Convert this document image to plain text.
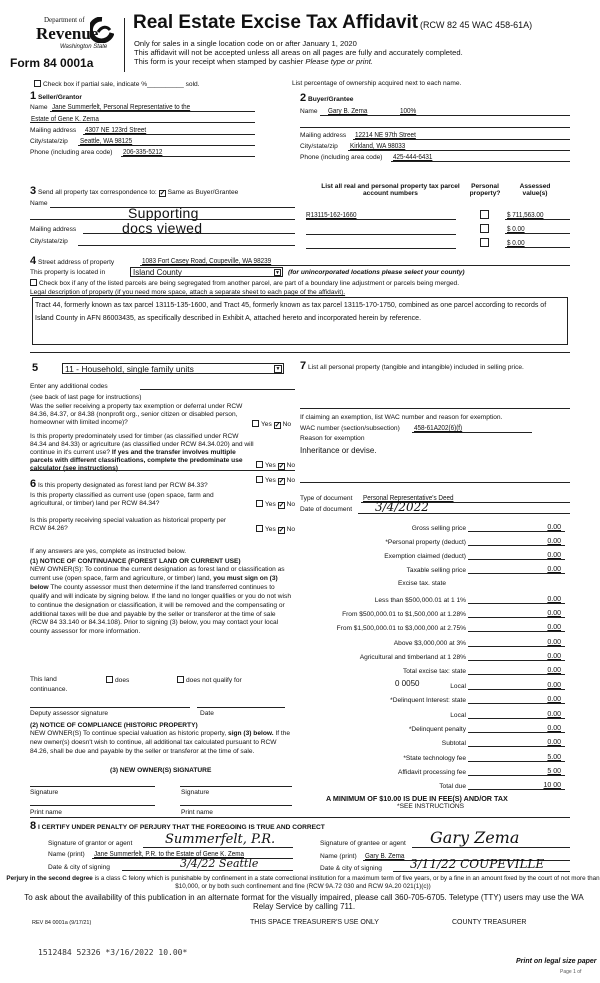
Department of
Revenue
Washington State
Form 84 0001a
Real Estate Excise Tax Affidavit (RCW 82 45 WAC 458-61A)
Only for sales in a single location code on or after January 1, 2020
This affidavit will not be accepted unless all areas on all pages are fully and accurately completed.
This form is your receipt when stamped by cashier Please type or print.
Check box if partial sale, indicate %__________ sold.	List percentage of ownership acquired next to each name.
1 Seller/Grantor
Name Jane Summerfelt, Personal Representative to the
Estate of Gene K. Zema
Mailing address 4307 NE 123rd Street
City/state/zip Seattle, WA 98125
Phone (including area code) 206-335-5212
2 Buyer/Grantee
Name Gary B. Zema	100%
Mailing address 12214 NE 97th Street
City/state/zip Kirkland, WA 98033
Phone (including area code) 425-444-6431
3 Send all property tax correspondence to: ✓ Same as Buyer/Grantee
Name
Supporting
Mailing address	docs viewed
City/state/zip
List all real and personal property tax parcel account numbers
Personal property?
Assessed value(s)
R13115-162-1660	$ 711,563.00
$ 0.00
$ 0.00
4 Street address of property	1083 Fort Casey Road, Coupeville, WA 98239
This property is located in	Island County	▼ (for unincorporated locations please select your county)
Check box if any of the listed parcels are being segregated from another parcel, are part of a boundary line adjustment or parcels being merged.
Legal description of property (if you need more space, attach a separate sheet to each page of the affidavit).
Tract 44, formerly known as tax parcel 13115-135-1600, and Tract 45, formerly known as tax parcel 13115-170-1750, combined as one parcel according to records of Island County in AFN 86003435, as specifically described in Exhibit A, attached hereto and incorporated herein by reference.
5	11 - Household, single family units	▼
Enter any additional codes
(see back of last page for instructions)
Was the seller receiving a property tax exemption or deferral under RCW 84.36, 84.37, or 84.38 (nonprofit org., senior citizen or disabled person, homeowner with limited income)?	Yes ✓ No
Is this property predominately used for timber (as classified under RCW 84.34 and 84.33) or agriculture (as classified under RCW 84.34.020) and will continue in it's current use? If yes and the transfer involves multiple parcels with different classifications, complete the predominate use calculator (see instructions)	Yes ✓ No
6 Is this property designated as forest land per RCW 84.33?
Yes ✓ No
Is this property classified as current use (open space, farm and agricultural, or timber) land per RCW 84.34?	Yes ✓ No
Is this property receiving special valuation as historical property per RCW 84.26?	Yes ✓ No
If any answers are yes, complete as instructed below.
(1) NOTICE OF CONTINUANCE (FOREST LAND OR CURRENT USE)
NEW OWNER(S): To continue the current designation as forest land or classification as current use (open space, farm and agriculture, or timber) land, you must sign on (3) below The county assessor must then determine if the land transferred continues to qualify and will indicate by signing below. If the land no longer qualifies or you do not wish to continue the designation or classification, it will be removed and the compensating or additional taxes will be due and payable by the seller or transferor at the time of sale (RCW 84 33.140 or 84.34.108). Prior to signing (3) below, you may contact your local county assessor for more information.
This land	does	does not qualify for
continuance.
Deputy assessor signature	Date
(2) NOTICE OF COMPLIANCE (HISTORIC PROPERTY)
NEW OWNER(S) To continue special valuation as historic property, sign (3) below. If the new owner(s) doesn't wish to continue, all additional tax calculated pursuant to RCW 84.26, shall be due and payable by the seller or transferor at the time of sale.
(3) NEW OWNER(S) SIGNATURE
Signature	Signature
Print name	Print name
7 List all personal property (tangible and intangible) included in selling price.
If claiming an exemption, list WAC number and reason for exemption.
WAC number (section/subsection) 458-61A202(6)(f)
Reason for exemption
Inheritance or devise.
Type of document Personal Representative's Deed
Date of document 3/4/2022
Gross selling price	0.00
*Personal property (deduct)	0.00
Exemption claimed (deduct)	0.00
Taxable selling price	0.00
Excise tax. state
Less than $500,000.01 at 1 1%	0.00
From $500,000.01 to $1,500,000 at 1.28%	0.00
From $1,500,000.01 to $3,000,000 at 2.75%	0.00
Above $3,000,000 at 3%	0.00
Agricultural and timberland at 1 28%	0.00
Total excise tax: state	0.00
0 0050	Local	0.00
*Delinquent Interest: state	0.00
Local	0.00
*Delinquent penalty	0.00
Subtotal	0.00
*State technology fee	5.00
Affidavit processing fee	5 00
Total due	10 00
A MINIMUM OF $10.00 IS DUE IN FEE(S) AND/OR TAX
*SEE INSTRUCTIONS
8 I CERTIFY UNDER PENALTY OF PERJURY THAT THE FOREGOING IS TRUE AND CORRECT
Signature of grantor or agent	Summerfelt, P.R.
Name (print) Jane Summerfelt, P.R. to the Estate of Gene K. Zema
Date & city of signing	3/4/22 Seattle
Signature of grantee or agent Gary Zema
Name (print) Gary B. Zema
Date & city of signing 3/11/22 COUPEVILLE
Perjury in the second degree is a class C felony which is punishable by confinement in a state correctional institution for a maximum term of five years, or by a fine in an amount fixed by the court of not more than $10,000, or by both such confinement and fine (RCW 9A.72 030 and RCW 9A.20 021(1)(c))
To ask about the availability of this publication in an alternate format for the visually impaired, please call 360-705-6705. Teletype (TTY) users may use the WA Relay Service by calling 711.
REV 84 0001a (9/17/21)	THIS SPACE TREASURER'S USE ONLY	COUNTY TREASURER
1512484 52326 *3/16/2022 10.00*
Print on legal size paper
Page 1 of
